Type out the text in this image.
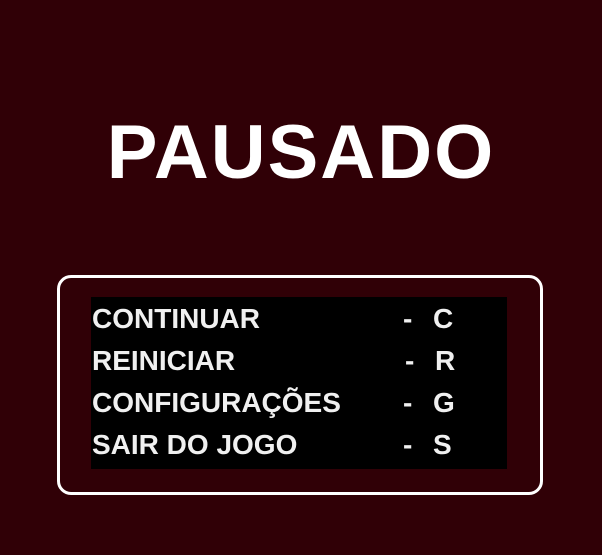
PAUSADO
CONTINUAR	- C
REINICIAR	- R
CONFIGURAÇÕES - G
SAIR DO JOGO	- S
